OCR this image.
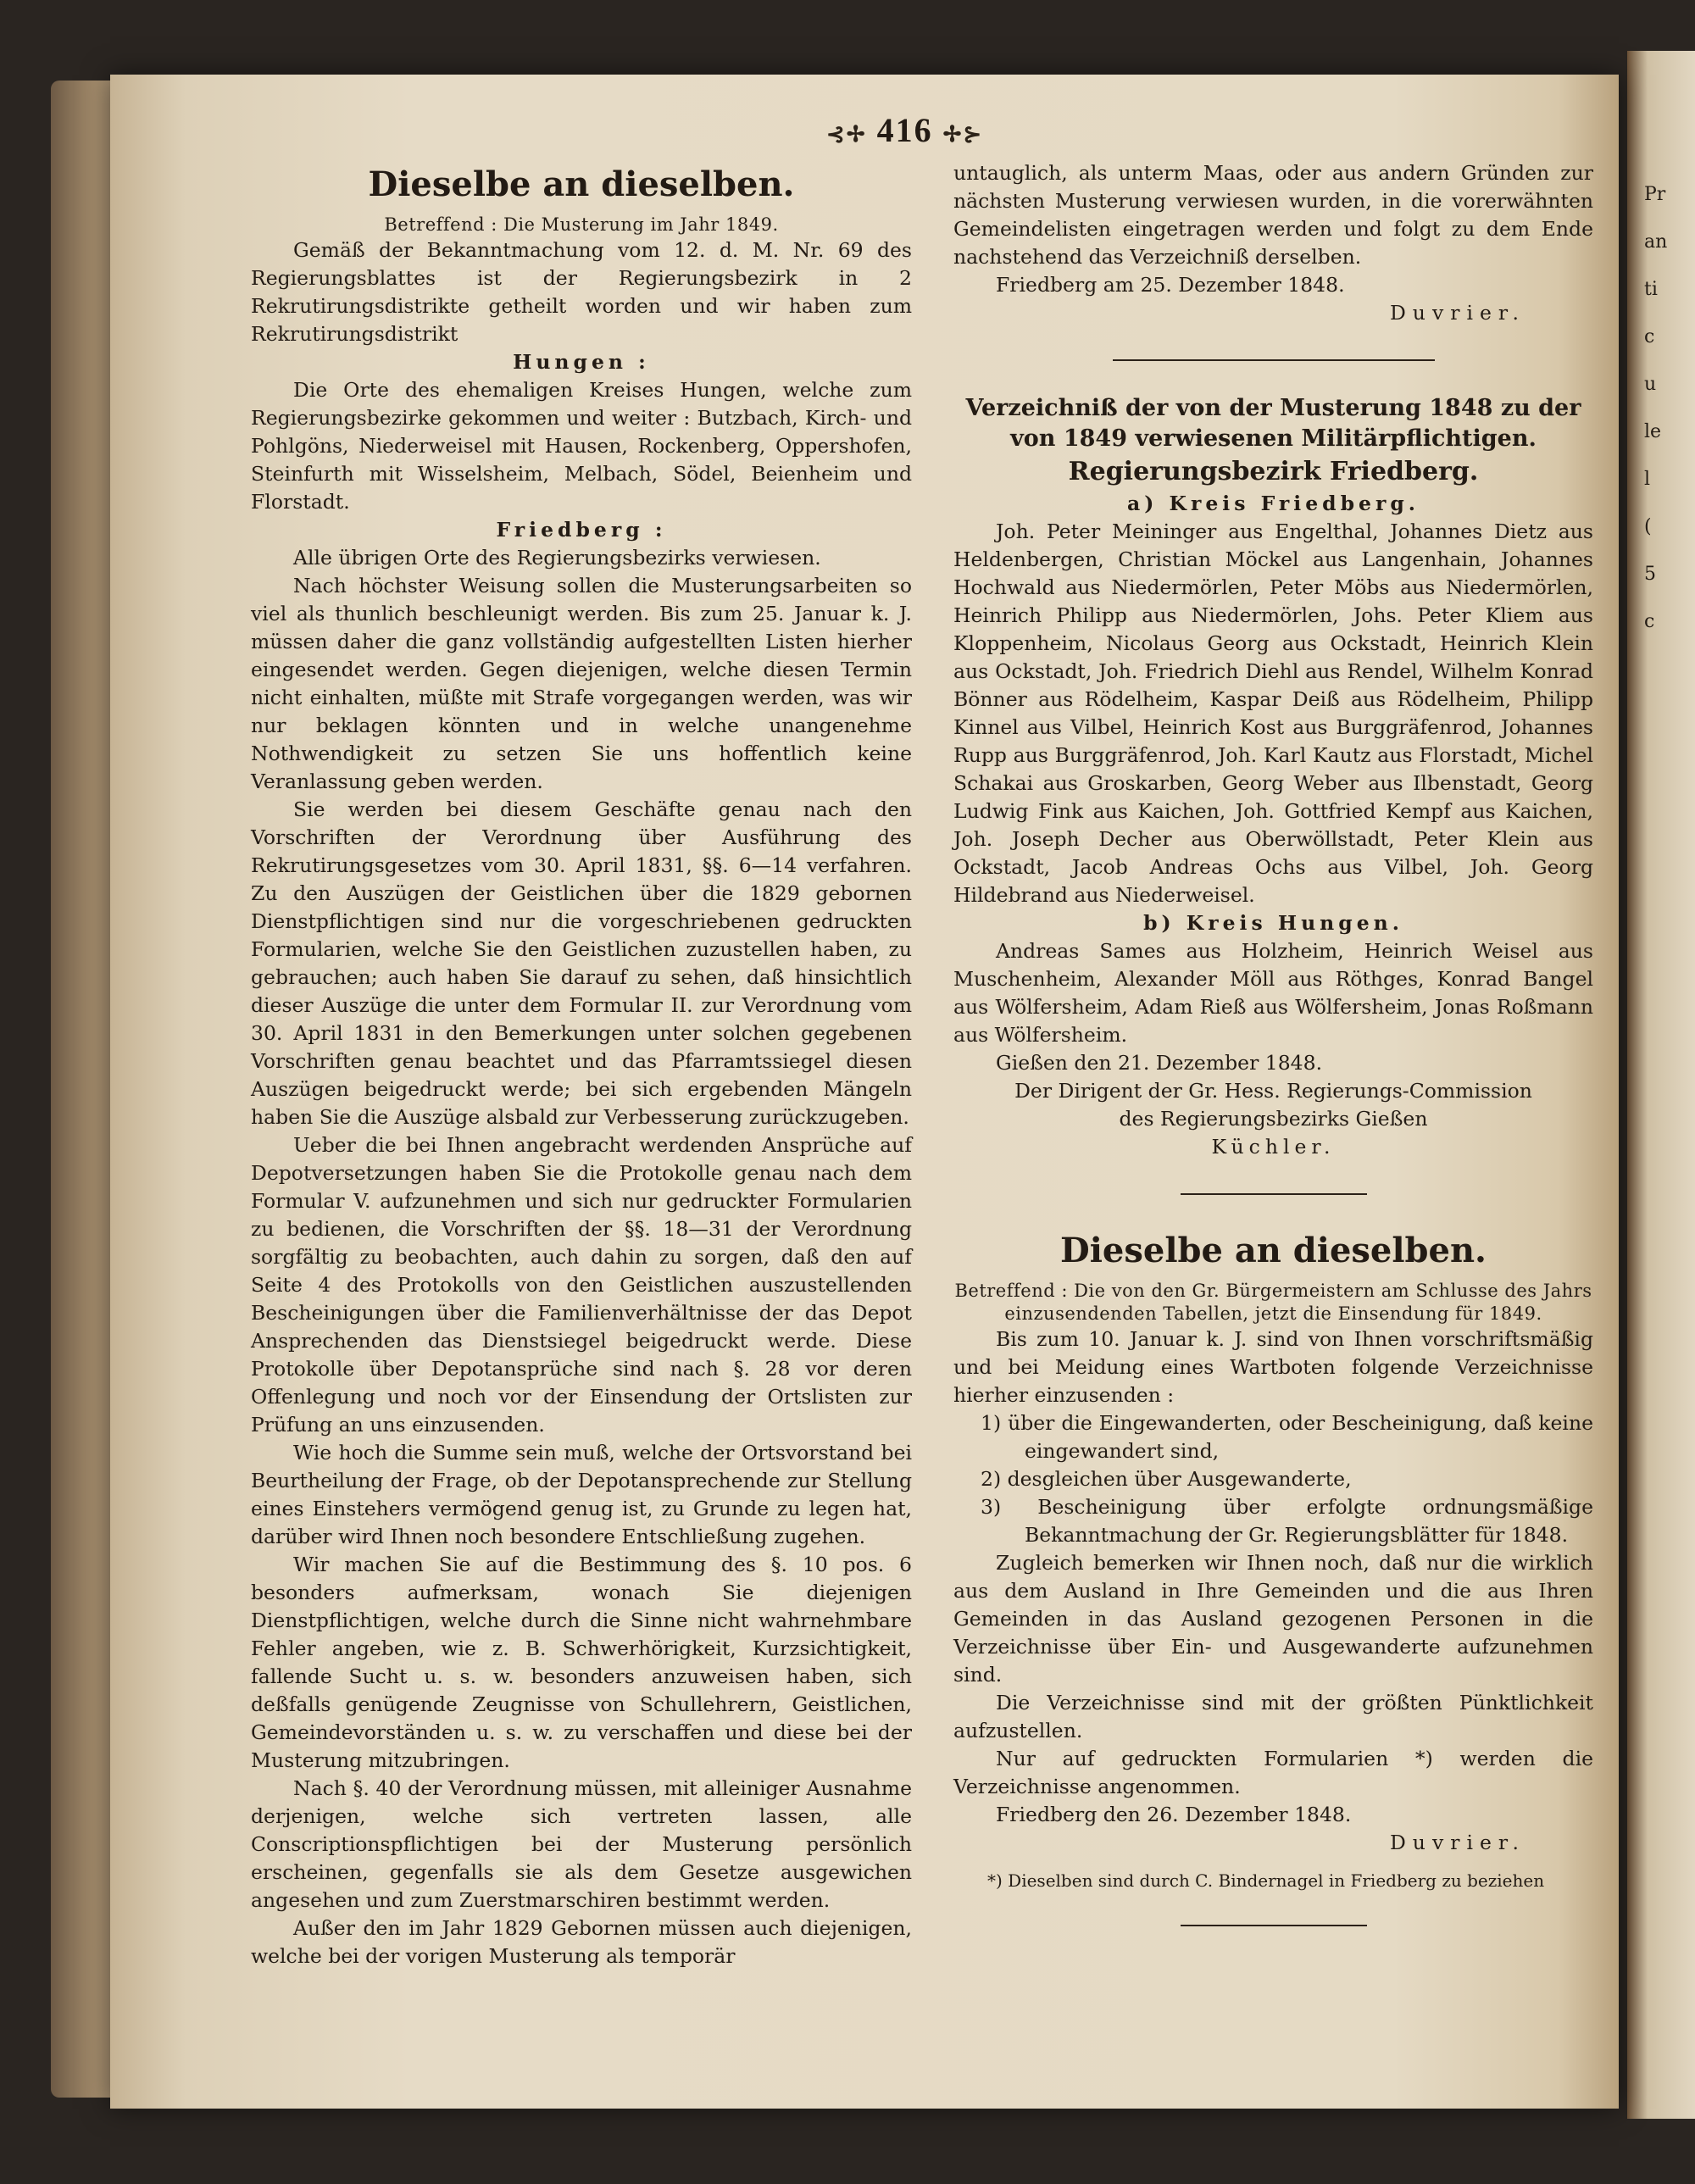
Pr
an
ti
c
u
le
l
(
5
c
⊰✢ 416 ✢⊱
Dieselbe an dieselben.
Betreffend : Die Musterung im Jahr 1849.

Gemäß der Bekanntmachung vom 12. d. M. Nr. 69 des Regierungsblattes ist der Regierungsbezirk in 2 Rekrutirungsdistrikte getheilt worden und wir haben zum Rekrutirungsdistrikt

Hungen :

Die Orte des ehemaligen Kreises Hungen, welche zum Regierungsbezirke gekommen und weiter : Butzbach, Kirch- und Pohlgöns, Niederweisel mit Hausen, Rockenberg, Oppershofen, Steinfurth mit Wisselsheim, Melbach, Södel, Beienheim und Florstadt.

Friedberg :

Alle übrigen Orte des Regierungsbezirks verwiesen.

Nach höchster Weisung sollen die Musterungsarbeiten so viel als thunlich beschleunigt werden. Bis zum 25. Januar k. J. müssen daher die ganz vollständig aufgestellten Listen hierher eingesendet werden. Gegen diejenigen, welche diesen Termin nicht einhalten, müßte mit Strafe vorgegangen werden, was wir nur beklagen könnten und in welche unangenehme Nothwendigkeit zu setzen Sie uns hoffentlich keine Veranlassung geben werden.

Sie werden bei diesem Geschäfte genau nach den Vorschriften der Verordnung über Ausführung des Rekrutirungsgesetzes vom 30. April 1831, §§. 6—14 verfahren. Zu den Auszügen der Geistlichen über die 1829 gebornen Dienstpflichtigen sind nur die vorgeschriebenen gedruckten Formularien, welche Sie den Geistlichen zuzustellen haben, zu gebrauchen; auch haben Sie darauf zu sehen, daß hinsichtlich dieser Auszüge die unter dem Formular II. zur Verordnung vom 30. April 1831 in den Bemerkungen unter solchen gegebenen Vorschriften genau beachtet und das Pfarramtssiegel diesen Auszügen beigedruckt werde; bei sich ergebenden Mängeln haben Sie die Auszüge alsbald zur Verbesserung zurückzugeben.

Ueber die bei Ihnen angebracht werdenden Ansprüche auf Depotversetzungen haben Sie die Protokolle genau nach dem Formular V. aufzunehmen und sich nur gedruckter Formularien zu bedienen, die Vorschriften der §§. 18—31 der Verordnung sorgfältig zu beobachten, auch dahin zu sorgen, daß den auf Seite 4 des Protokolls von den Geistlichen auszustellenden Bescheinigungen über die Familienverhältnisse der das Depot Ansprechenden das Dienstsiegel beigedruckt werde. Diese Protokolle über Depotansprüche sind nach §. 28 vor deren Offenlegung und noch vor der Einsendung der Ortslisten zur Prüfung an uns einzusenden.

Wie hoch die Summe sein muß, welche der Ortsvorstand bei Beurtheilung der Frage, ob der Depotansprechende zur Stellung eines Einstehers vermögend genug ist, zu Grunde zu legen hat, darüber wird Ihnen noch besondere Entschließung zugehen.

Wir machen Sie auf die Bestimmung des §. 10 pos. 6 besonders aufmerksam, wonach Sie diejenigen Dienstpflichtigen, welche durch die Sinne nicht wahrnehmbare Fehler angeben, wie z. B. Schwerhörigkeit, Kurzsichtigkeit, fallende Sucht u. s. w. besonders anzuweisen haben, sich deßfalls genügende Zeugnisse von Schullehrern, Geistlichen, Gemeindevorständen u. s. w. zu verschaffen und diese bei der Musterung mitzubringen.

Nach §. 40 der Verordnung müssen, mit alleiniger Ausnahme derjenigen, welche sich vertreten lassen, alle Conscriptionspflichtigen bei der Musterung persönlich erscheinen, gegenfalls sie als dem Gesetze ausgewichen angesehen und zum Zuerstmarschiren bestimmt werden.

Außer den im Jahr 1829 Gebornen müssen auch diejenigen, welche bei der vorigen Musterung als temporär

untauglich, als unterm Maas, oder aus andern Gründen zur nächsten Musterung verwiesen wurden, in die vorerwähnten Gemeindelisten eingetragen werden und folgt zu dem Ende nachstehend das Verzeichniß derselben.

Friedberg am 25. Dezember 1848.
Duvrier.
Verzeichniß der von der Musterung 1848 zu der von 1849 verwiesenen Militärpflichtigen.
Regierungsbezirk Friedberg.
a) Kreis Friedberg.

Joh. Peter Meininger aus Engelthal, Johannes Dietz aus Heldenbergen, Christian Möckel aus Langenhain, Johannes Hochwald aus Niedermörlen, Peter Möbs aus Niedermörlen, Heinrich Philipp aus Niedermörlen, Johs. Peter Kliem aus Kloppenheim, Nicolaus Georg aus Ockstadt, Heinrich Klein aus Ockstadt, Joh. Friedrich Diehl aus Rendel, Wilhelm Konrad Bönner aus Rödelheim, Kaspar Deiß aus Rödelheim, Philipp Kinnel aus Vilbel, Heinrich Kost aus Burggräfenrod, Johannes Rupp aus Burggräfenrod, Joh. Karl Kautz aus Florstadt, Michel Schakai aus Groskarben, Georg Weber aus Ilbenstadt, Georg Ludwig Fink aus Kaichen, Joh. Gottfried Kempf aus Kaichen, Joh. Joseph Decher aus Oberwöllstadt, Peter Klein aus Ockstadt, Jacob Andreas Ochs aus Vilbel, Joh. Georg Hildebrand aus Niederweisel.

b) Kreis Hungen.

Andreas Sames aus Holzheim, Heinrich Weisel aus Muschenheim, Alexander Möll aus Röthges, Konrad Bangel aus Wölfersheim, Adam Rieß aus Wölfersheim, Jonas Roßmann aus Wölfersheim.

Gießen den 21. Dezember 1848.
Der Dirigent der Gr. Hess. Regierungs-Commission
des Regierungsbezirks Gießen
Küchler.
Dieselbe an dieselben.
Betreffend : Die von den Gr. Bürgermeistern am Schlusse des Jahrs einzusendenden Tabellen, jetzt die Einsendung für 1849.

Bis zum 10. Januar k. J. sind von Ihnen vorschriftsmäßig und bei Meidung eines Wartboten folgende Verzeichnisse hierher einzusenden :

1) über die Eingewanderten, oder Bescheinigung, daß keine eingewandert sind,
2) desgleichen über Ausgewanderte,
3) Bescheinigung über erfolgte ordnungsmäßige Bekanntmachung der Gr. Regierungsblätter für 1848.

Zugleich bemerken wir Ihnen noch, daß nur die wirklich aus dem Ausland in Ihre Gemeinden und die aus Ihren Gemeinden in das Ausland gezogenen Personen in die Verzeichnisse über Ein- und Ausgewanderte aufzunehmen sind.

Die Verzeichnisse sind mit der größten Pünktlichkeit aufzustellen.

Nur auf gedruckten Formularien *) werden die Verzeichnisse angenommen.

Friedberg den 26. Dezember 1848.
Duvrier.
*) Dieselben sind durch C. Bindernagel in Friedberg zu beziehen
